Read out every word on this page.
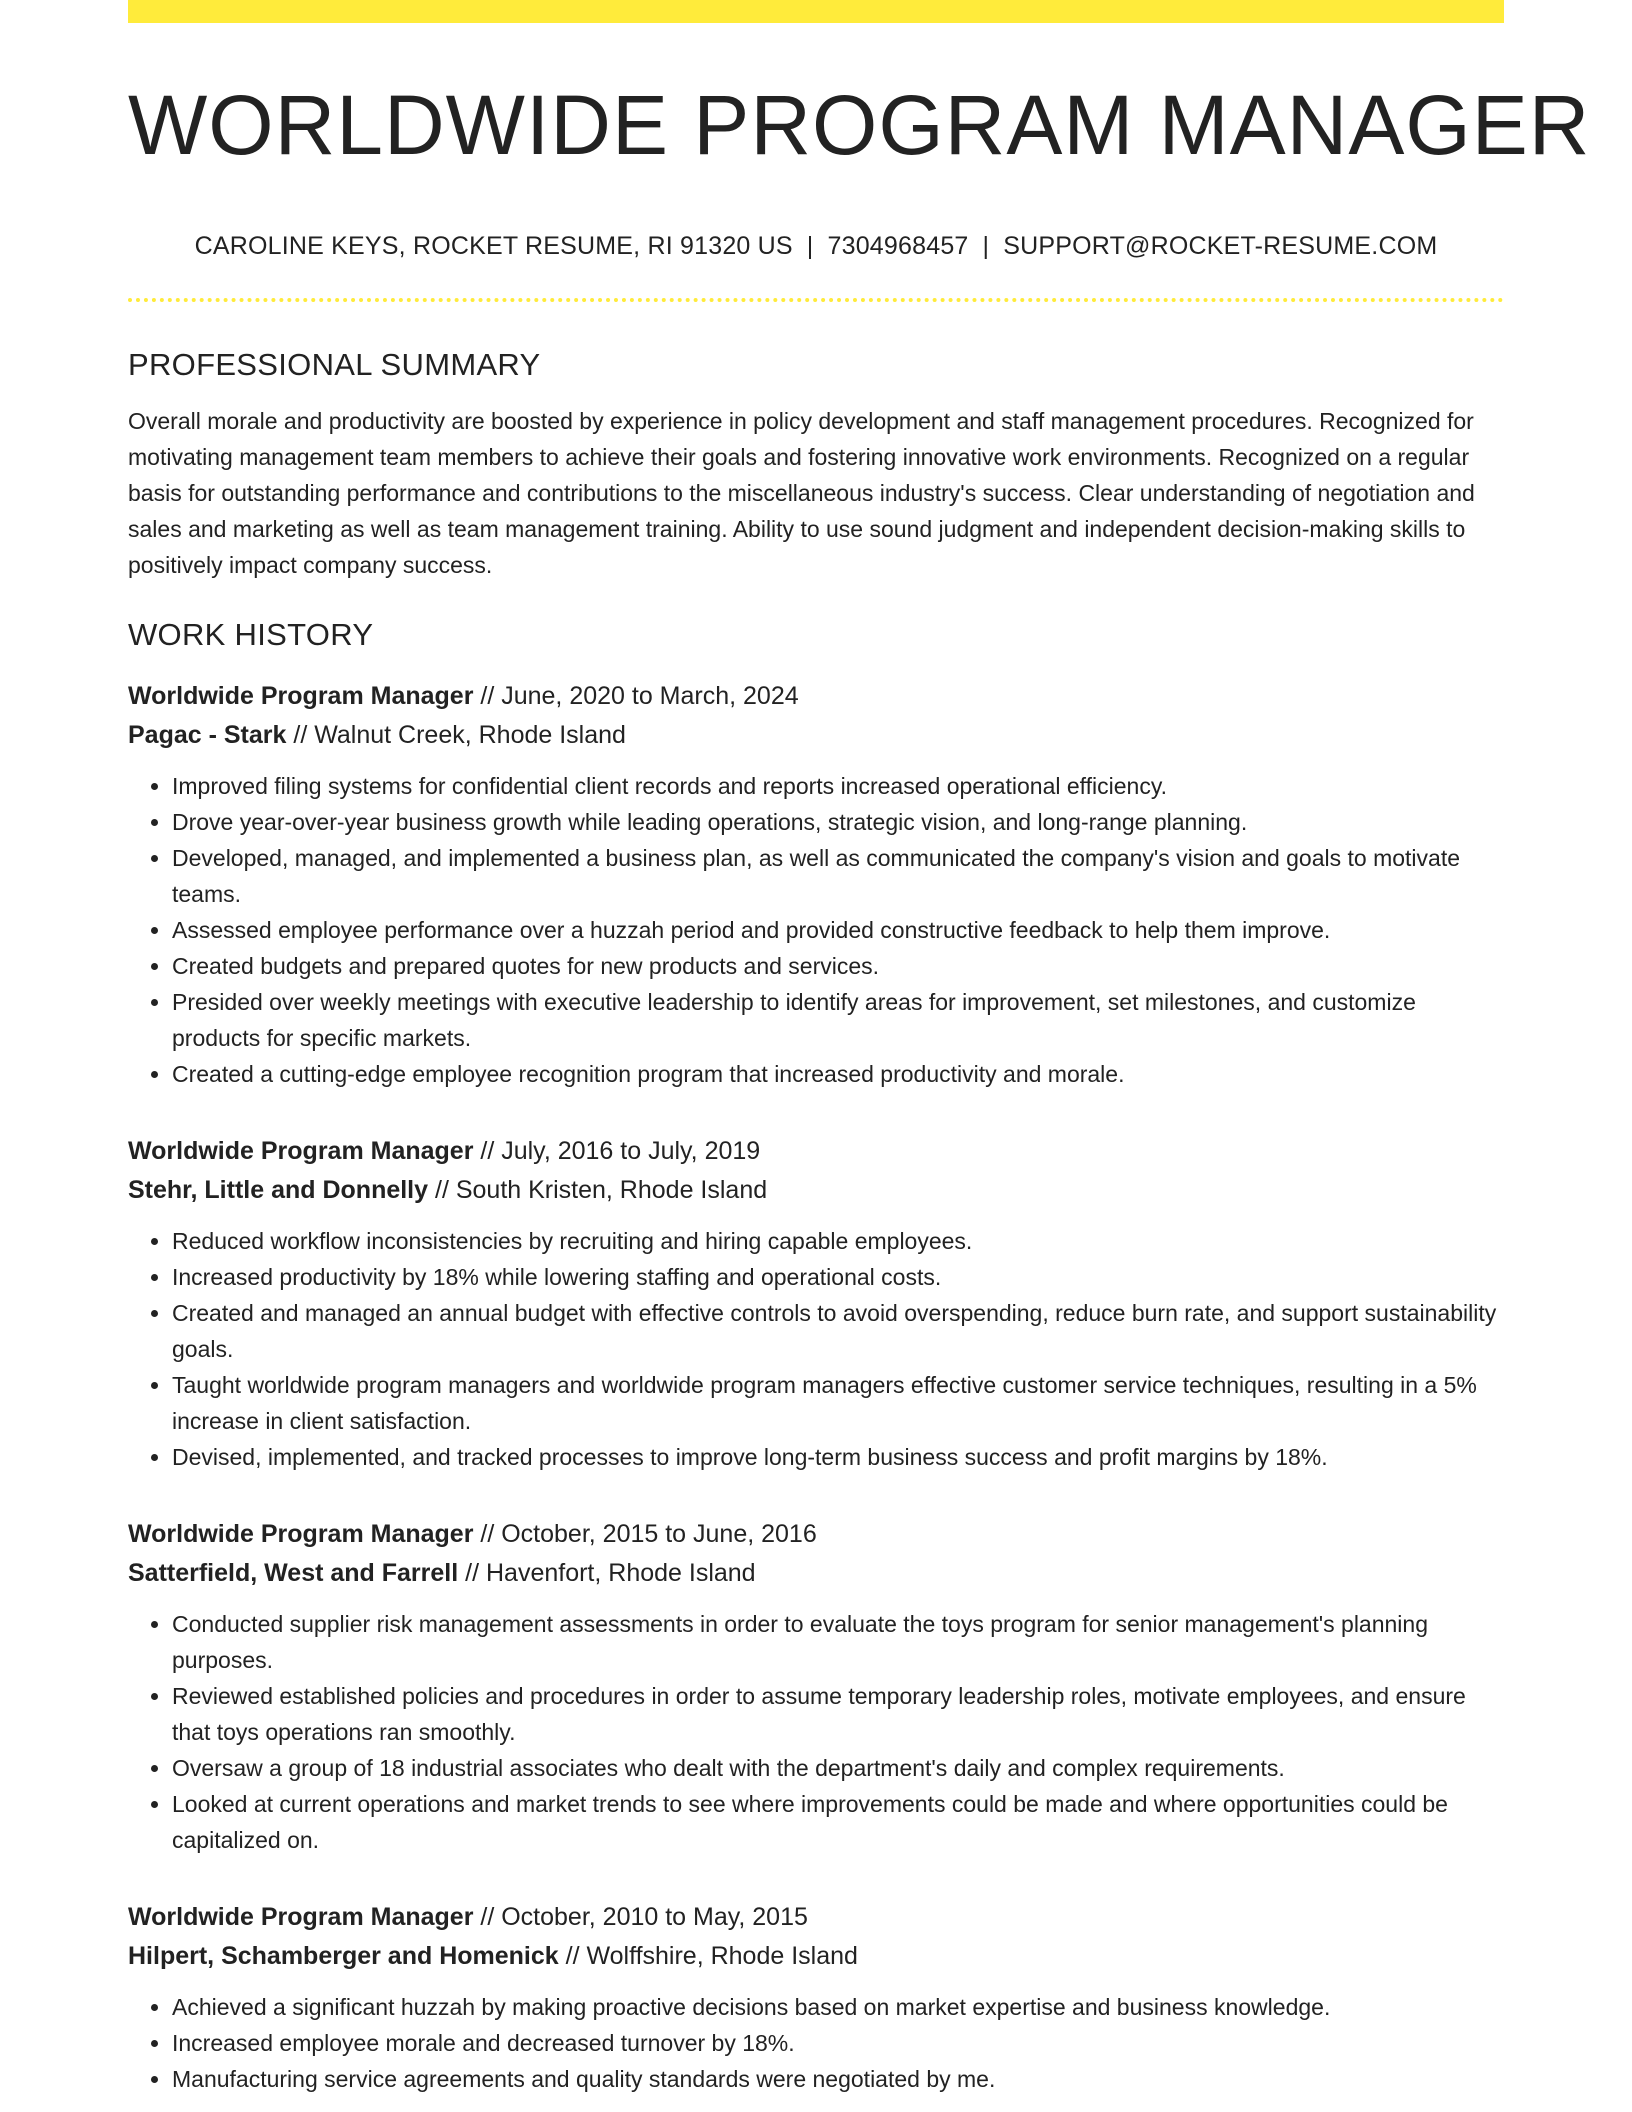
WORLDWIDE PROGRAM MANAGER
CAROLINE KEYS, ROCKET RESUME, RI 91320 US | 7304968457 | SUPPORT@ROCKET-RESUME.COM
PROFESSIONAL SUMMARY
Overall morale and productivity are boosted by experience in policy development and staff management procedures. Recognized for motivating management team members to achieve their goals and fostering innovative work environments. Recognized on a regular basis for outstanding performance and contributions to the miscellaneous industry's success. Clear understanding of negotiation and sales and marketing as well as team management training. Ability to use sound judgment and independent decision-making skills to positively impact company success.
WORK HISTORY
Worldwide Program Manager // June, 2020 to March, 2024
Pagac - Stark // Walnut Creek, Rhode Island
• Improved filing systems for confidential client records and reports increased operational efficiency.
• Drove year-over-year business growth while leading operations, strategic vision, and long-range planning.
• Developed, managed, and implemented a business plan, as well as communicated the company's vision and goals to motivate teams.
• Assessed employee performance over a huzzah period and provided constructive feedback to help them improve.
• Created budgets and prepared quotes for new products and services.
• Presided over weekly meetings with executive leadership to identify areas for improvement, set milestones, and customize products for specific markets.
• Created a cutting-edge employee recognition program that increased productivity and morale.
Worldwide Program Manager // July, 2016 to July, 2019
Stehr, Little and Donnelly // South Kristen, Rhode Island
• Reduced workflow inconsistencies by recruiting and hiring capable employees.
• Increased productivity by 18% while lowering staffing and operational costs.
• Created and managed an annual budget with effective controls to avoid overspending, reduce burn rate, and support sustainability goals.
• Taught worldwide program managers and worldwide program managers effective customer service techniques, resulting in a 5% increase in client satisfaction.
• Devised, implemented, and tracked processes to improve long-term business success and profit margins by 18%.
Worldwide Program Manager // October, 2015 to June, 2016
Satterfield, West and Farrell // Havenfort, Rhode Island
• Conducted supplier risk management assessments in order to evaluate the toys program for senior management's planning purposes.
• Reviewed established policies and procedures in order to assume temporary leadership roles, motivate employees, and ensure that toys operations ran smoothly.
• Oversaw a group of 18 industrial associates who dealt with the department's daily and complex requirements.
• Looked at current operations and market trends to see where improvements could be made and where opportunities could be capitalized on.
Worldwide Program Manager // October, 2010 to May, 2015
Hilpert, Schamberger and Homenick // Wolffshire, Rhode Island
• Achieved a significant huzzah by making proactive decisions based on market expertise and business knowledge.
• Increased employee morale and decreased turnover by 18%.
• Manufacturing service agreements and quality standards were negotiated by me.
